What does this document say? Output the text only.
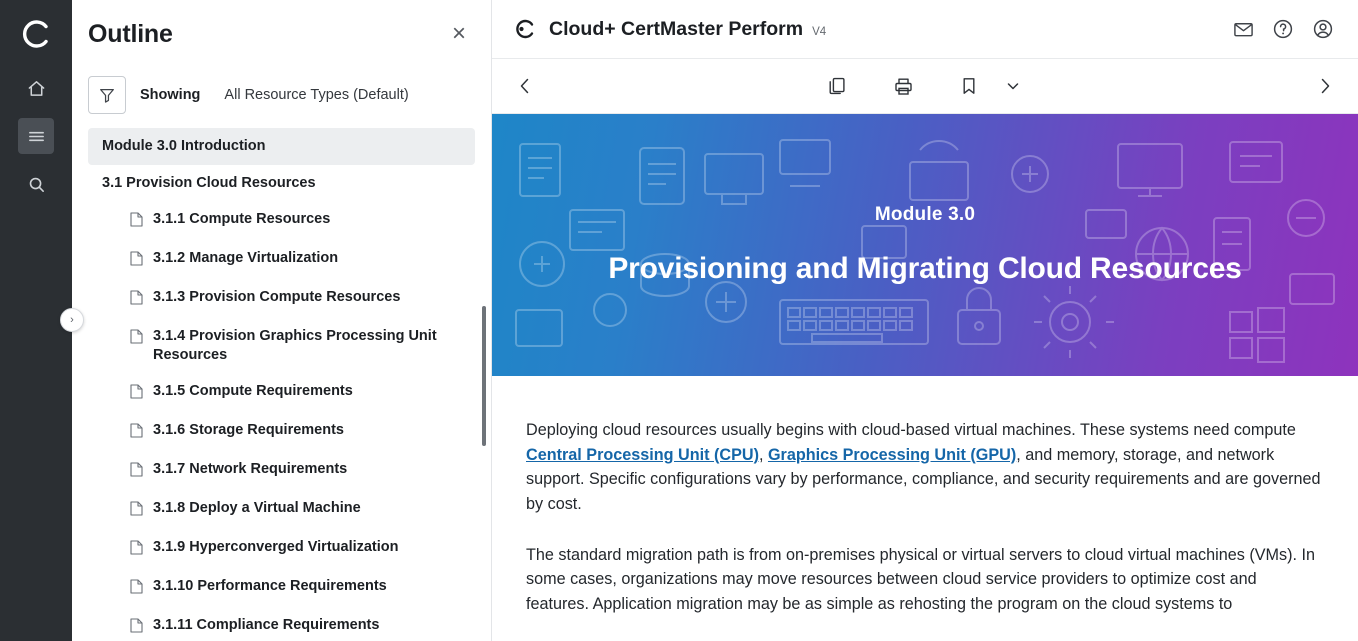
›
Outline	×
Showing All Resource Types (Default)
Module 3.0 Introduction
3.1 Provision Cloud Resources
3.1.1 Compute Resources
3.1.2 Manage Virtualization
3.1.3 Provision Compute Resources
3.1.4 Provision Graphics Processing Unit Resources
3.1.5 Compute Requirements
3.1.6 Storage Requirements
3.1.7 Network Requirements
3.1.8 Deploy a Virtual Machine
3.1.9 Hyperconverged Virtualization
3.1.10 Performance Requirements
3.1.11 Compliance Requirements
Cloud+ CertMaster Perform V4
Module 3.0
Provisioning and Migrating Cloud Resources

Deploying cloud resources usually begins with cloud-based virtual machines. These systems need compute Central Processing Unit (CPU), Graphics Processing Unit (GPU), and memory, storage, and network support. Specific configurations vary by performance, compliance, and security requirements and are governed by cost.

The standard migration path is from on-premises physical or virtual servers to cloud virtual machines (VMs). In some cases, organizations may move resources between cloud service providers to optimize cost and features. Application migration may be as simple as rehosting the program on the cloud systems to
